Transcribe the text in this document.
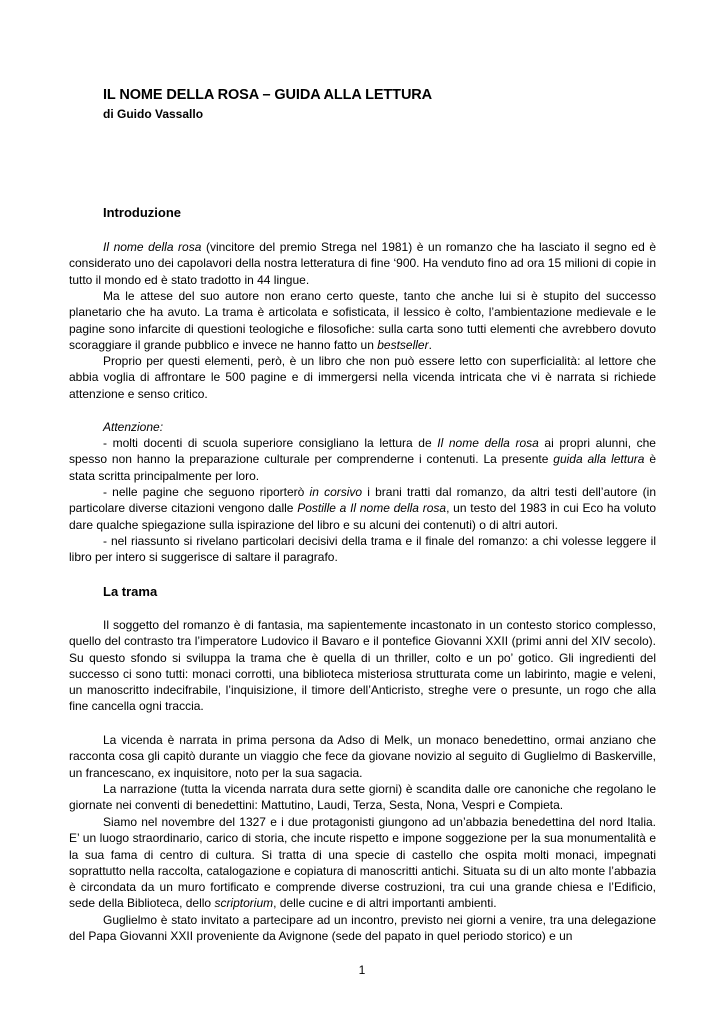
IL NOME DELLA ROSA – GUIDA ALLA LETTURA

di Guido Vassallo

Introduzione

Il nome della rosa (vincitore del premio Strega nel 1981) è un romanzo che ha lasciato il segno ed è considerato uno dei capolavori della nostra letteratura di fine ‘900. Ha venduto fino ad ora 15 milioni di copie in tutto il mondo ed è stato tradotto in 44 lingue.

Ma le attese del suo autore non erano certo queste, tanto che anche lui si è stupito del successo planetario che ha avuto. La trama è articolata e sofisticata, il lessico è colto, l’ambientazione medievale e le pagine sono infarcite di questioni teologiche e filosofiche: sulla carta sono tutti elementi che avrebbero dovuto scoraggiare il grande pubblico e invece ne hanno fatto un bestseller.

Proprio per questi elementi, però, è un libro che non può essere letto con superficialità: al lettore che abbia voglia di affrontare le 500 pagine e di immergersi nella vicenda intricata che vi è narrata si richiede attenzione e senso critico.

Attenzione:

- molti docenti di scuola superiore consigliano la lettura de Il nome della rosa ai propri alunni, che spesso non hanno la preparazione culturale per comprenderne i contenuti. La presente guida alla lettura è stata scritta principalmente per loro.

- nelle pagine che seguono riporterò in corsivo i brani tratti dal romanzo, da altri testi dell’autore (in particolare diverse citazioni vengono dalle Postille a Il nome della rosa, un testo del 1983 in cui Eco ha voluto dare qualche spiegazione sulla ispirazione del libro e su alcuni dei contenuti) o di altri autori.

- nel riassunto si rivelano particolari decisivi della trama e il finale del romanzo: a chi volesse leggere il libro per intero si suggerisce di saltare il paragrafo.

La trama

Il soggetto del romanzo è di fantasia, ma sapientemente incastonato in un contesto storico complesso, quello del contrasto tra l’imperatore Ludovico il Bavaro e il pontefice Giovanni XXII (primi anni del XIV secolo). Su questo sfondo si sviluppa la trama che è quella di un thriller, colto e un po’ gotico. Gli ingredienti del successo ci sono tutti: monaci corrotti, una biblioteca misteriosa strutturata come un labirinto, magie e veleni, un manoscritto indecifrabile, l’inquisizione, il timore dell’Anticristo, streghe vere o presunte, un rogo che alla fine cancella ogni traccia.

La vicenda è narrata in prima persona da Adso di Melk, un monaco benedettino, ormai anziano che racconta cosa gli capitò durante un viaggio che fece da giovane novizio al seguito di Guglielmo di Baskerville, un francescano, ex inquisitore, noto per la sua sagacia.

La narrazione (tutta la vicenda narrata dura sette giorni) è scandita dalle ore canoniche che regolano le giornate nei conventi di benedettini: Mattutino, Laudi, Terza, Sesta, Nona, Vespri e Compieta.

Siamo nel novembre del 1327 e i due protagonisti giungono ad un’abbazia benedettina del nord Italia. E’ un luogo straordinario, carico di storia, che incute rispetto e impone soggezione per la sua monumentalità e la sua fama di centro di cultura. Si tratta di una specie di castello che ospita molti monaci, impegnati soprattutto nella raccolta, catalogazione e copiatura di manoscritti antichi. Situata su di un alto monte l’abbazia è circondata da un muro fortificato e comprende diverse costruzioni, tra cui una grande chiesa e l’Edificio, sede della Biblioteca, dello scriptorium, delle cucine e di altri importanti ambienti.

Guglielmo è stato invitato a partecipare ad un incontro, previsto nei giorni a venire, tra una delegazione del Papa Giovanni XXII proveniente da Avignone (sede del papato in quel periodo storico) e un

1
